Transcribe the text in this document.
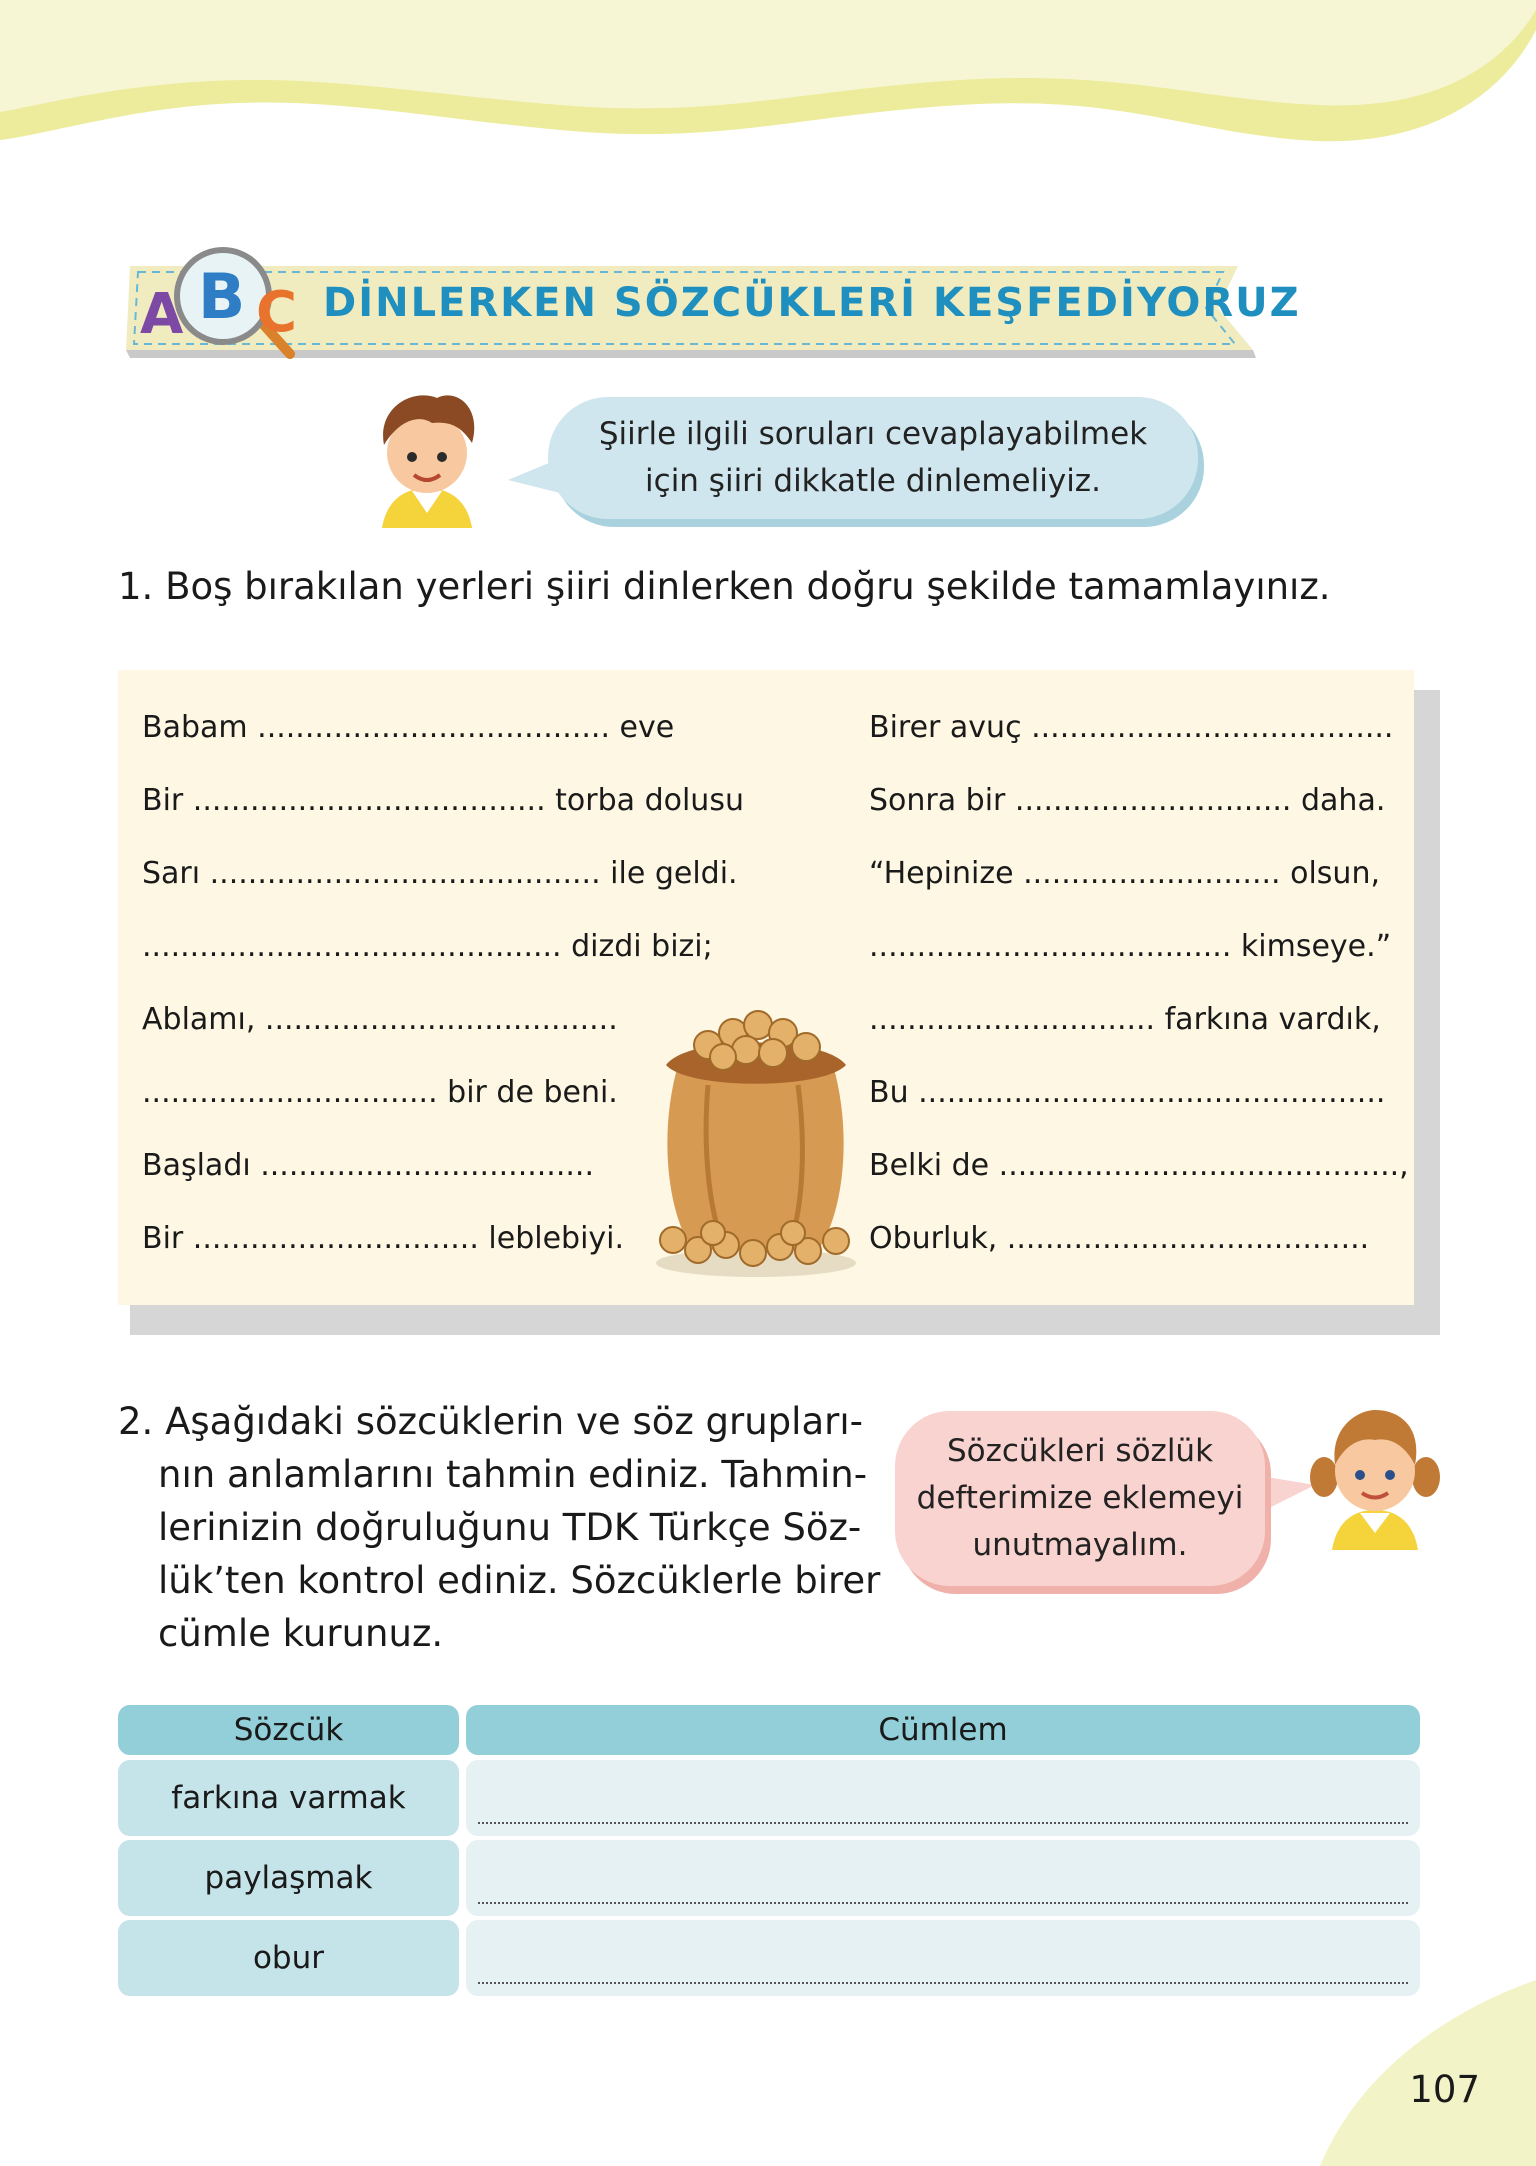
A B C DİNLERKEN SÖZCÜKLERİ KEŞFEDİYORUZ
Şiirle ilgili soruları cevaplayabilmek
için şiiri dikkatle dinlemeliyiz.
1. Boş bırakılan yerleri şiiri dinlerken doğru şekilde tamamlayınız.
Babam ..................................... eve
Bir ..................................... torba dolusu
Sarı ......................................... ile geldi.
............................................ dizdi bizi;
Ablamı, .....................................
............................... bir de beni.
Başladı ...................................
Bir .............................. leblebiyi.
Birer avuç ......................................
Sonra bir ............................. daha.
“Hepinize ........................... olsun,
...................................... kimseye.”
.............................. farkına vardık,
Bu .................................................
Belki de ..........................................,
Oburluk, ......................................
2. Aşağıdaki sözcüklerin ve söz grupları-
nın anlamlarını tahmin ediniz. Tahmin-
lerinizin doğruluğunu TDK Türkçe Söz-
lük’ten kontrol ediniz. Sözcüklerle birer
cümle kurunuz.
Sözcükleri sözlük
defterimize eklemeyi
unutmayalım.
Sözcük	Cümlem
farkına varmak
paylaşmak
obur
107
